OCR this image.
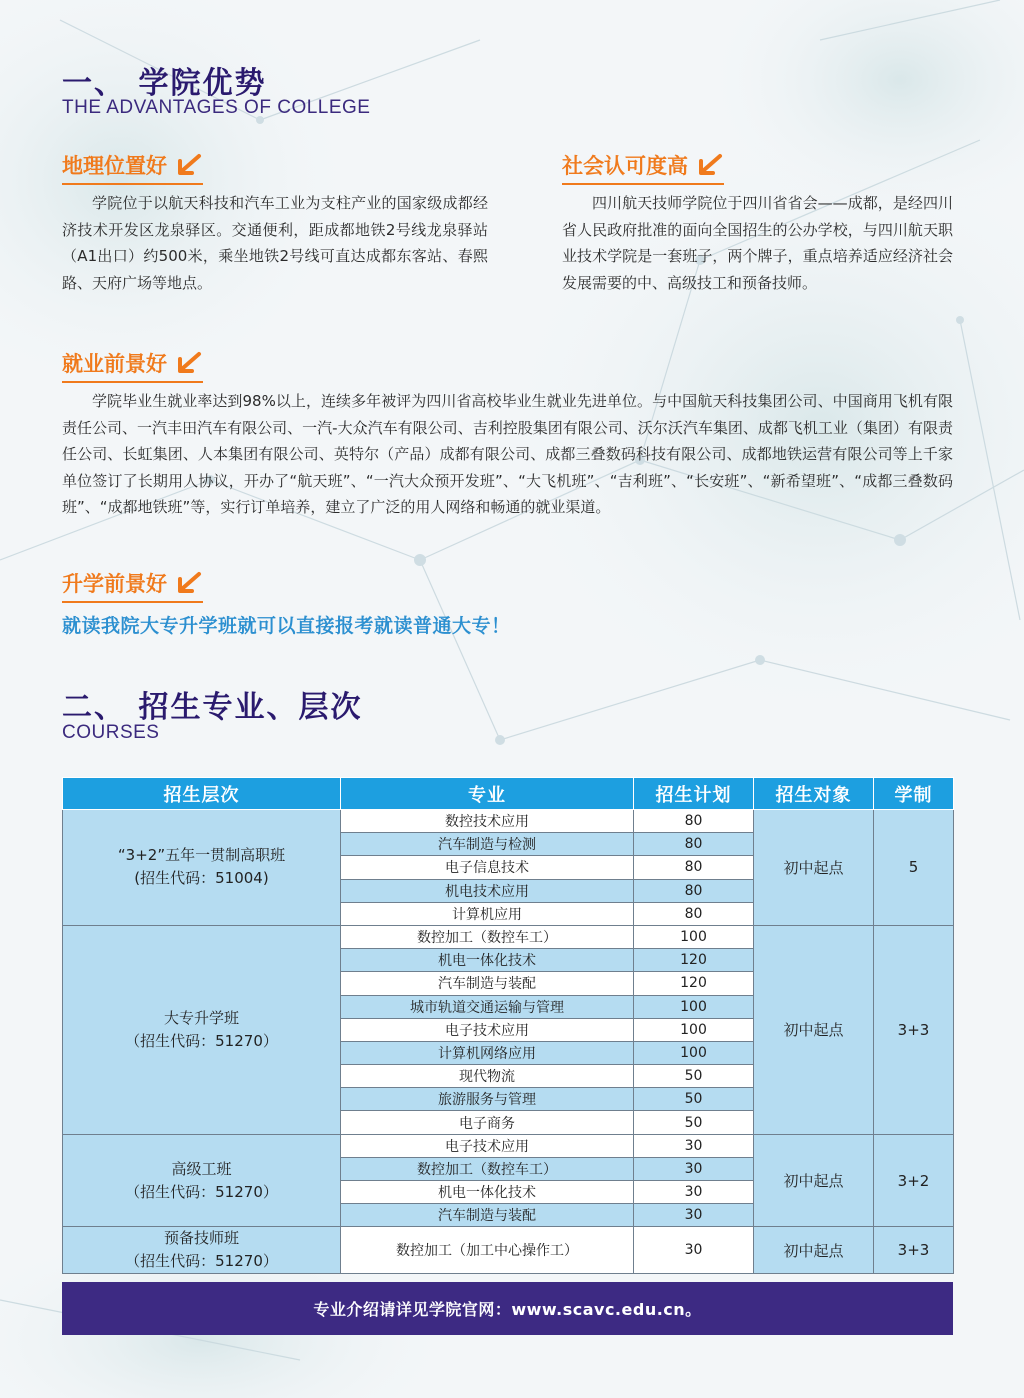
一、 学院优势
THE ADVANTAGES OF COLLEGE
地理位置好

学院位于以航天科技和汽车工业为支柱产业的国家级成都经济技术开发区龙泉驿区。交通便利，距成都地铁2号线龙泉驿站（A1出口）约500米，乘坐地铁2号线可直达成都东客站、春熙路、天府广场等地点。

社会认可度高

四川航天技师学院位于四川省省会——成都，是经四川省人民政府批准的面向全国招生的公办学校，与四川航天职业技术学院是一套班子，两个牌子，重点培养适应经济社会发展需要的中、高级技工和预备技师。

就业前景好

学院毕业生就业率达到98%以上，连续多年被评为四川省高校毕业生就业先进单位。与中国航天科技集团公司、中国商用飞机有限责任公司、一汽丰田汽车有限公司、一汽-大众汽车有限公司、吉利控股集团有限公司、沃尔沃汽车集团、成都飞机工业（集团）有限责任公司、长虹集团、人本集团有限公司、英特尔（产品）成都有限公司、成都三叠数码科技有限公司、成都地铁运营有限公司等上千家单位签订了长期用人协议，开办了“航天班”、“一汽大众预开发班”、“大飞机班”、“吉利班”、“长安班”、“新希望班”、“成都三叠数码班”、“成都地铁班”等，实行订单培养，建立了广泛的用人网络和畅通的就业渠道。

升学前景好
就读我院大专升学班就可以直接报考就读普通大专！
二、 招生专业、层次
COURSES
招生层次	专业	招生计划	招生对象	学制

“3+2”五年一贯制高职班
(招生代码：51004)	数控技术应用	80	初中起点	5
	汽车制造与检测	80		
	电子信息技术	80		
	机电技术应用	80		
	计算机应用	80		

大专升学班
（招生代码：51270）	数控加工（数控车工）	100	初中起点	3+3
	机电一体化技术	120		
	汽车制造与装配	120		
	城市轨道交通运输与管理	100		
	电子技术应用	100		
	计算机网络应用	100		
	现代物流	50		
	旅游服务与管理	50		
	电子商务	50		

高级工班
（招生代码：51270）	电子技术应用	30	初中起点	3+2
	数控加工（数控车工）	30		
	机电一体化技术	30		
	汽车制造与装配	30		

预备技师班
（招生代码：51270）	数控加工（加工中心操作工）	30	初中起点	3+3
专业介绍请详见学院官网：www.scavc.edu.cn。
